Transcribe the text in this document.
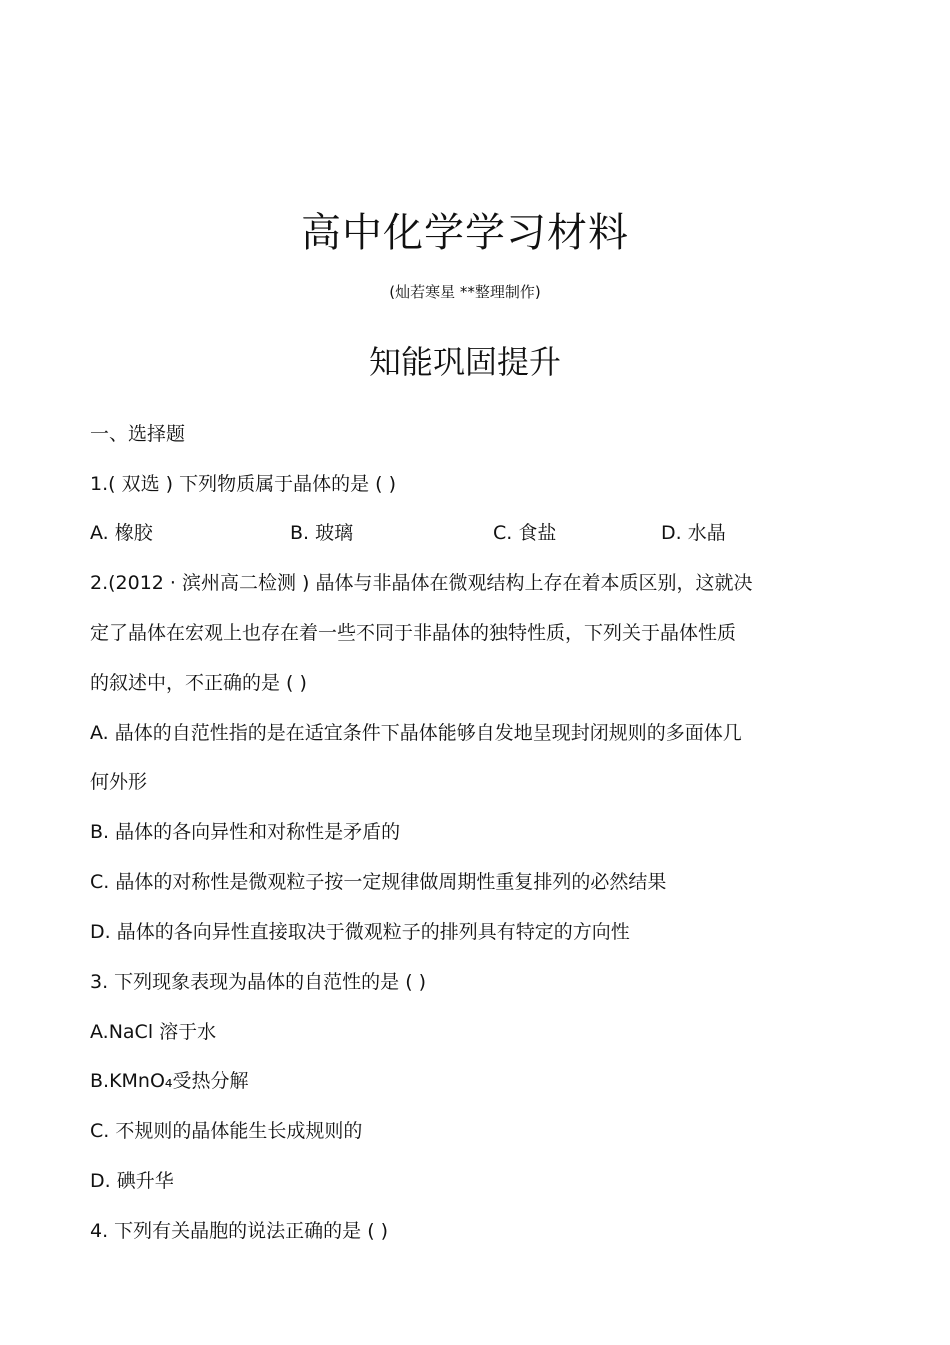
高中化学学习材料
(灿若寒星 **整理制作)
知能巩固提升
一、选择题
1.( 双选 ) 下列物质属于晶体的是 ( )
A. 橡胶	B. 玻璃	C. 食盐	D. 水晶
2.(2012 · 滨州高二检测 ) 晶体与非晶体在微观结构上存在着本质区别，这就决
定了晶体在宏观上也存在着一些不同于非晶体的独特性质，下列关于晶体性质
的叙述中，不正确的是 ( )
A. 晶体的自范性指的是在适宜条件下晶体能够自发地呈现封闭规则的多面体几
何外形
B. 晶体的各向异性和对称性是矛盾的
C. 晶体的对称性是微观粒子按一定规律做周期性重复排列的必然结果
D. 晶体的各向异性直接取决于微观粒子的排列具有特定的方向性
3. 下列现象表现为晶体的自范性的是 ( )
A.NaCl 溶于水
B.KMnO₄受热分解
C. 不规则的晶体能生长成规则的
D. 碘升华
4. 下列有关晶胞的说法正确的是 ( )
